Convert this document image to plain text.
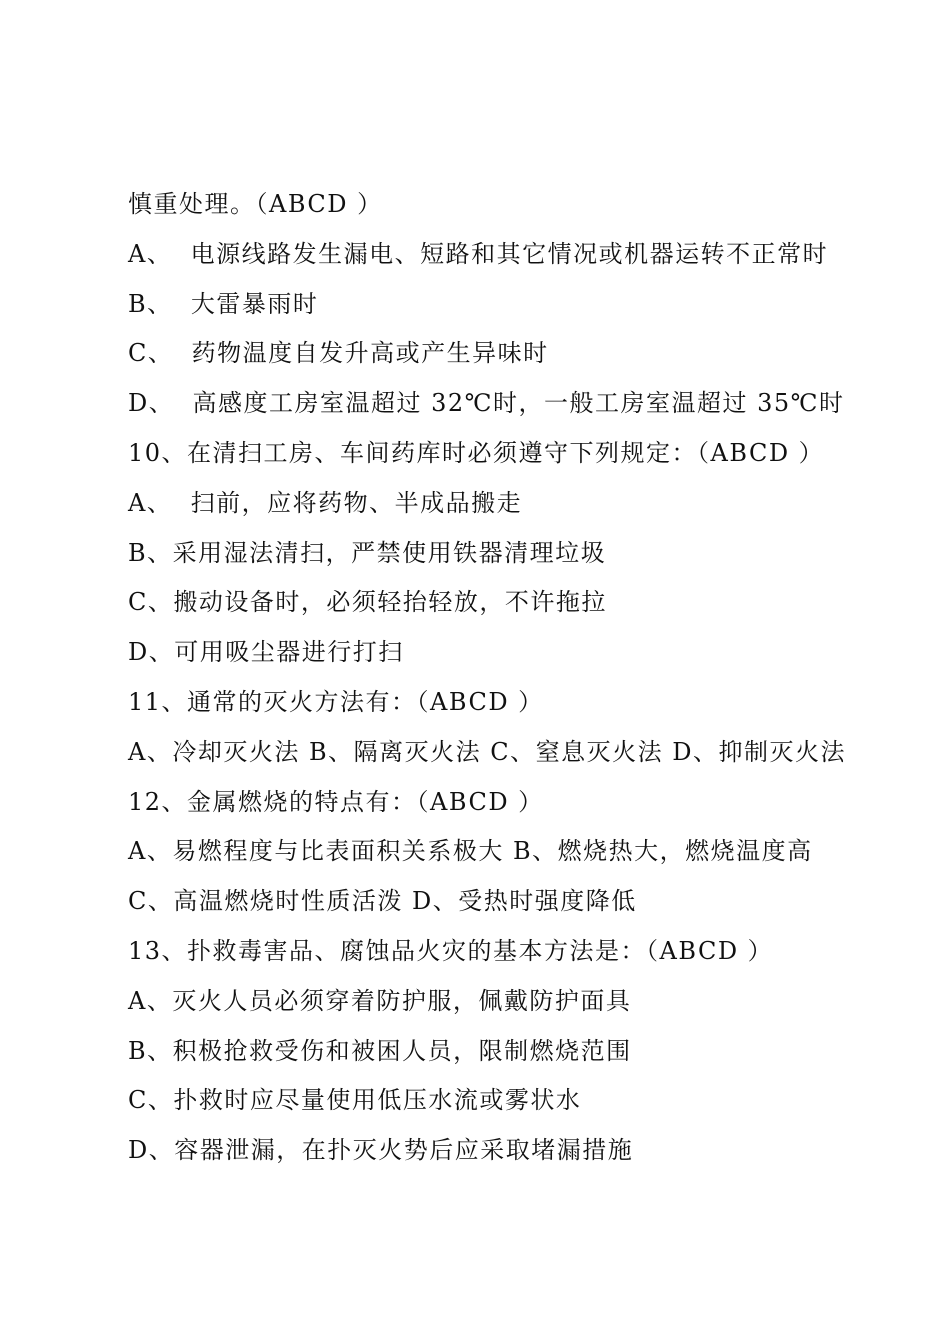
慎重处理。（ABCD ）
A、  电源线路发生漏电、短路和其它情况或机器运转不正常时
B、  大雷暴雨时
C、  药物温度自发升高或产生异味时
D、  高感度工房室温超过 32℃时，一般工房室温超过 35℃时
10、在清扫工房、车间药库时必须遵守下列规定：（ABCD ）
A、  扫前，应将药物、半成品搬走
B、采用湿法清扫，严禁使用铁器清理垃圾
C、搬动设备时，必须轻抬轻放，不许拖拉
D、可用吸尘器进行打扫
11、通常的灭火方法有：（ABCD ）
A、冷却灭火法 B、隔离灭火法 C、窒息灭火法 D、抑制灭火法
12、金属燃烧的特点有：（ABCD ）
A、易燃程度与比表面积关系极大 B、燃烧热大，燃烧温度高
C、高温燃烧时性质活泼 D、受热时强度降低
13、扑救毒害品、腐蚀品火灾的基本方法是：（ABCD ）
A、灭火人员必须穿着防护服，佩戴防护面具
B、积极抢救受伤和被困人员，限制燃烧范围
C、扑救时应尽量使用低压水流或雾状水
D、容器泄漏，在扑灭火势后应采取堵漏措施
